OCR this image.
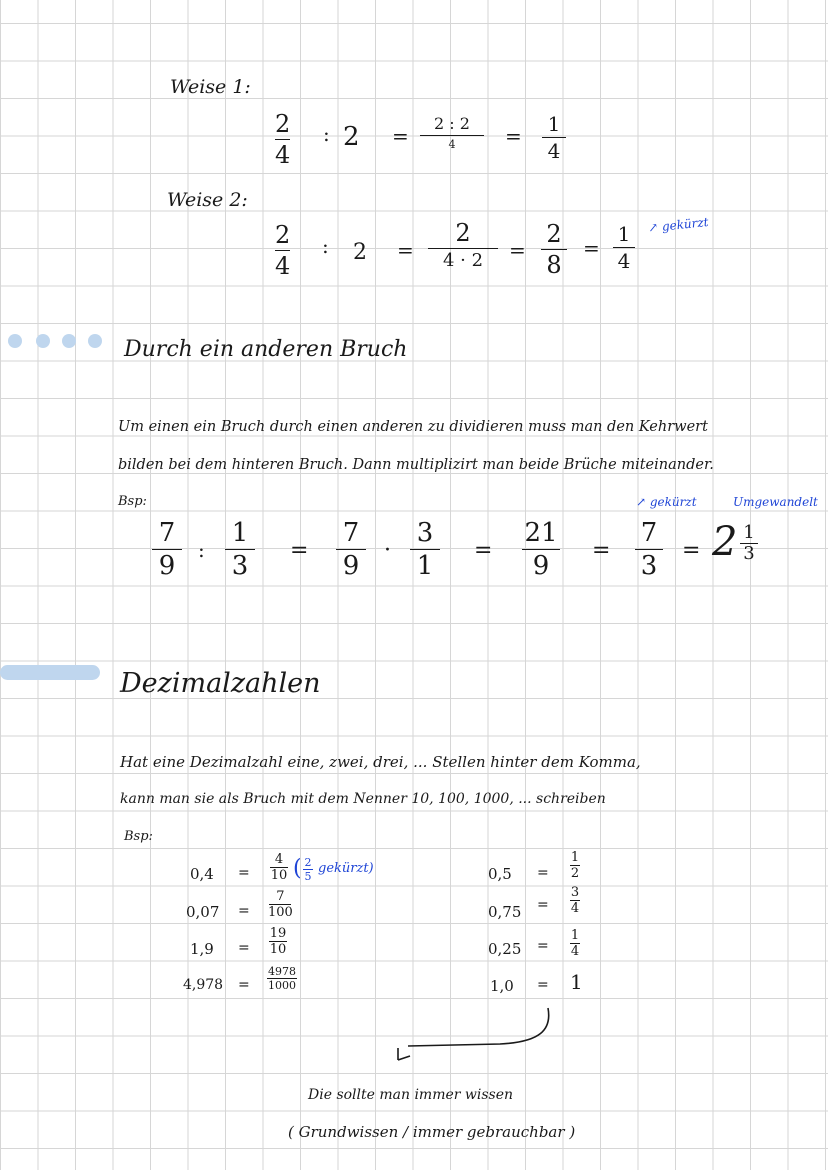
Weise 1:
2
4
: 2 =
2 : 2
4 = 1
4
Weise 2:
2
4
: 2 =
2
4 · 2 =
2
8
=
1
4
↗ gekürzt
Durch ein anderen Bruch
Um einen ein Bruch durch einen anderen zu dividieren muss man den Kehrwert
bilden bei dem hinteren Bruch. Dann multiplizirt man beide Brüche miteinander.
Bsp:	↗ gekürzt	Umgewandelt
7
9
:
1
3
=
7
9
·
3
1
=
21
9
=
7
3
= 2 1
3
Dezimalzahlen
Hat eine Dezimalzahl eine, zwei, drei, ... Stellen hinter dem Komma,
kann man sie als Bruch mit dem Nenner 10, 100, 1000, ... schreiben
Bsp:
0,4 =
4
10 ( 2
5
gekürzt)
0,07 =
7
100
1,9 =
19
10
4,978 =
4978
1000
0,5 =
1
2
0,75 =
3
4
0,25 =
1
4
1,0 = 1
Die sollte man immer wissen
( Grundwissen / immer gebrauchbar )
